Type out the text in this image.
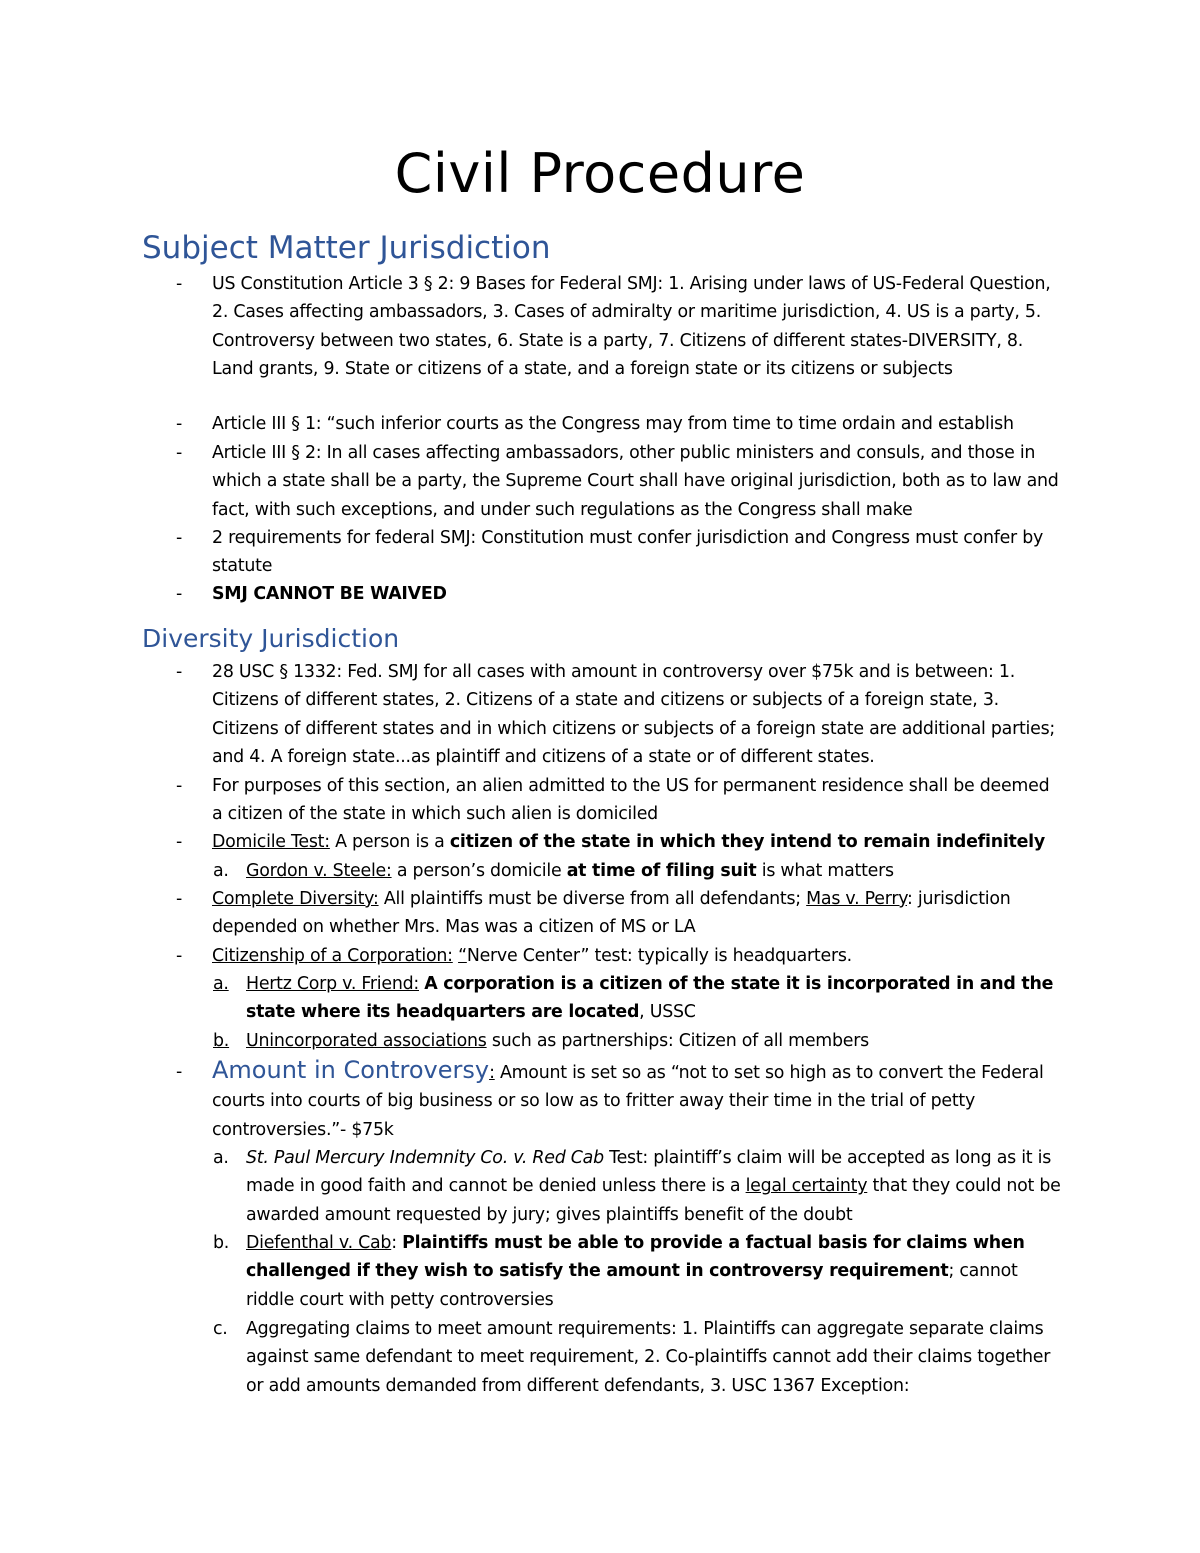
Civil Procedure
Subject Matter Jurisdiction
- US Constitution Article 3 § 2: 9 Bases for Federal SMJ: 1. Arising under laws of US-Federal Question, 2. Cases affecting ambassadors, 3. Cases of admiralty or maritime jurisdiction, 4. US is a party, 5. Controversy between two states, 6. State is a party, 7. Citizens of different states-DIVERSITY, 8. Land grants, 9. State or citizens of a state, and a foreign state or its citizens or subjects
- Article III § 1: “such inferior courts as the Congress may from time to time ordain and establish
- Article III § 2: In all cases affecting ambassadors, other public ministers and consuls, and those in which a state shall be a party, the Supreme Court shall have original jurisdiction, both as to law and fact, with such exceptions, and under such regulations as the Congress shall make
- 2 requirements for federal SMJ: Constitution must confer jurisdiction and Congress must confer by statute
- SMJ CANNOT BE WAIVED
Diversity Jurisdiction
- 28 USC § 1332: Fed. SMJ for all cases with amount in controversy over $75k and is between: 1. Citizens of different states, 2. Citizens of a state and citizens or subjects of a foreign state, 3. Citizens of different states and in which citizens or subjects of a foreign state are additional parties; and 4. A foreign state...as plaintiff and citizens of a state or of different states.
- For purposes of this section, an alien admitted to the US for permanent residence shall be deemed a citizen of the state in which such alien is domiciled
- Domicile Test: A person is a citizen of the state in which they intend to remain indefinitely
a. Gordon v. Steele: a person’s domicile at time of filing suit is what matters
- Complete Diversity: All plaintiffs must be diverse from all defendants; Mas v. Perry: jurisdiction depended on whether Mrs. Mas was a citizen of MS or LA
- Citizenship of a Corporation: “Nerve Center” test: typically is headquarters.
a. Hertz Corp v. Friend: A corporation is a citizen of the state it is incorporated in and the state where its headquarters are located, USSC
b. Unincorporated associations such as partnerships: Citizen of all members
- Amount in Controversy: Amount is set so as “not to set so high as to convert the Federal courts into courts of big business or so low as to fritter away their time in the trial of petty controversies.”- $75k
a. St. Paul Mercury Indemnity Co. v. Red Cab Test: plaintiff’s claim will be accepted as long as it is made in good faith and cannot be denied unless there is a legal certainty that they could not be awarded amount requested by jury; gives plaintiffs benefit of the doubt
b. Diefenthal v. Cab: Plaintiffs must be able to provide a factual basis for claims when challenged if they wish to satisfy the amount in controversy requirement; cannot riddle court with petty controversies
c. Aggregating claims to meet amount requirements: 1. Plaintiffs can aggregate separate claims against same defendant to meet requirement, 2. Co-plaintiffs cannot add their claims together or add amounts demanded from different defendants, 3. USC 1367 Exception:
